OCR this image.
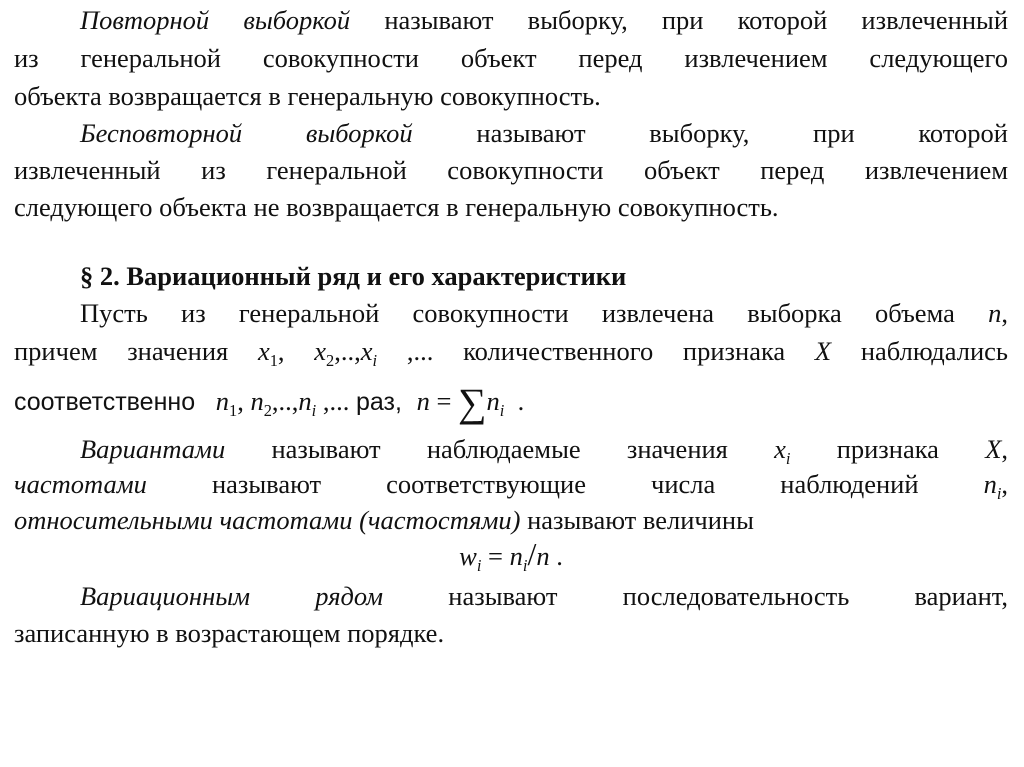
Повторной выборкой называют выборку, при которой извлеченный
из генеральной совокупности объект перед извлечением следующего
объекта возвращается в генеральную совокупность.
Бесповторной выборкой называют выборку, при которой
извлеченный из генеральной совокупности объект перед извлечением
следующего объекта не возвращается в генеральную совокупность.
§ 2. Вариационный ряд и его характеристики
Пусть из генеральной совокупности извлечена выборка объема n,
причем значения $x_1$, $x_2,..,x_i$ ,... количественного признака X наблюдались
соответственно $n_1$, $n_2,..,n_i$ ,... раз, $n = \sum n_i$  .
Вариантами называют наблюдаемые значения $x_i$ признака X,
частотами называют соответствующие числа наблюдений $n_i$,
относительными частотами (частостями) называют величины
$w_i = n_i/n$ .
Вариационным рядом называют последовательность вариант,
записанную в возрастающем порядке.
